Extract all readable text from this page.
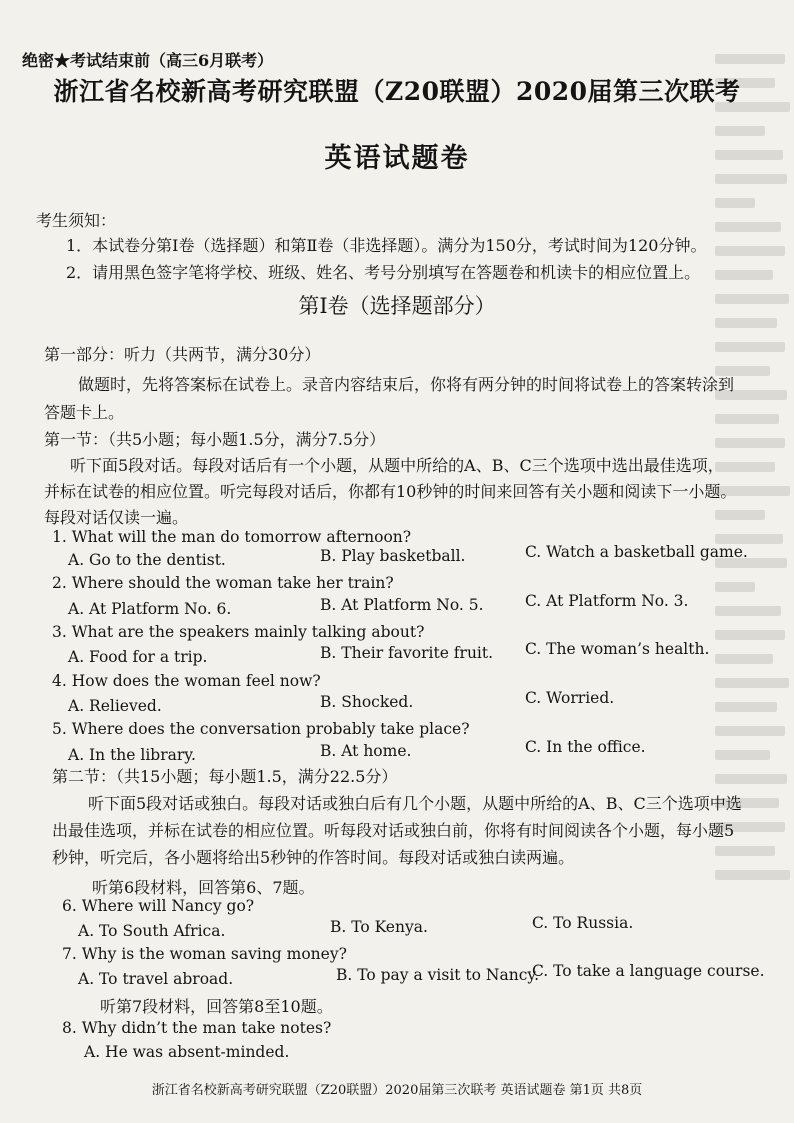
绝密★考试结束前（高三6月联考）
浙江省名校新高考研究联盟（Z20联盟）2020届第三次联考
英语试题卷
考生须知：
1．本试卷分第Ⅰ卷（选择题）和第Ⅱ卷（非选择题）。满分为150分，考试时间为120分钟。
2．请用黑色签字笔将学校、班级、姓名、考号分别填写在答题卷和机读卡的相应位置上。
第Ⅰ卷（选择题部分）
第一部分：听力（共两节，满分30分）
做题时，先将答案标在试卷上。录音内容结束后，你将有两分钟的时间将试卷上的答案转涂到
答题卡上。
第一节：（共5小题；每小题1.5分，满分7.5分）
听下面5段对话。每段对话后有一个小题，从题中所给的A、B、C三个选项中选出最佳选项，
并标在试卷的相应位置。听完每段对话后，你都有10秒钟的时间来回答有关小题和阅读下一小题。
每段对话仅读一遍。
1. What will the man do tomorrow afternoon?
A. Go to the dentist.	B. Play basketball.	C. Watch a basketball game.
2. Where should the woman take her train?
A. At Platform No. 6.	B. At Platform No. 5.	C. At Platform No. 3.
3. What are the speakers mainly talking about?
A. Food for a trip.	B. Their favorite fruit. C. The woman’s health.
4. How does the woman feel now?
A. Relieved.	B. Shocked.	C. Worried.
5. Where does the conversation probably take place?
A. In the library.	B. At home.	C. In the office.
第二节：（共15小题；每小题1.5，满分22.5分）
听下面5段对话或独白。每段对话或独白后有几个小题，从题中所给的A、B、C三个选项中选
出最佳选项，并标在试卷的相应位置。听每段对话或独白前，你将有时间阅读各个小题，每小题5
秒钟，听完后，各小题将给出5秒钟的作答时间。每段对话或独白读两遍。
听第6段材料，回答第6、7题。
6. Where will Nancy go?
A. To South Africa.	B. To Kenya.	C. To Russia.
7. Why is the woman saving money?
A. To travel abroad.	B. To pay a visit to Nancy.
C. To take a language course.
听第7段材料，回答第8至10题。
8. Why didn’t the man take notes?
A. He was absent-minded.
浙江省名校新高考研究联盟（Z20联盟）2020届第三次联考 英语试题卷 第1页 共8页
